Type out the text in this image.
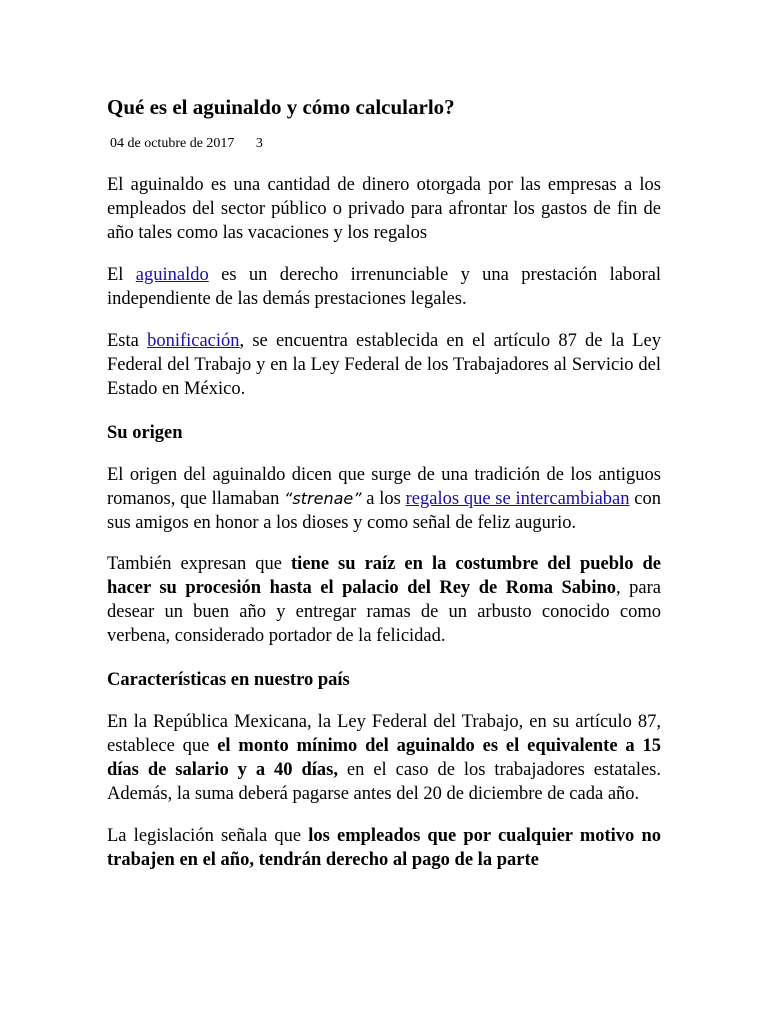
Qué es el aguinaldo y cómo calcularlo?
04 de octubre de 2017 3

El aguinaldo es una cantidad de dinero otorgada por las empresas a los empleados del sector público o privado para afrontar los gastos de fin de año tales como las vacaciones y los regalos

El aguinaldo es un derecho irrenunciable y una prestación laboral independiente de las demás prestaciones legales.

Esta bonificación, se encuentra establecida en el artículo 87 de la Ley Federal del Trabajo y en la Ley Federal de los Trabajadores al Servicio del Estado en México.

Su origen

El origen del aguinaldo dicen que surge de una tradición de los antiguos romanos, que llamaban “strenae” a los regalos que se intercambiaban con sus amigos en honor a los dioses y como señal de feliz augurio.

También expresan que tiene su raíz en la costumbre del pueblo de hacer su procesión hasta el palacio del Rey de Roma Sabino, para desear un buen año y entregar ramas de un arbusto conocido como verbena, considerado portador de la felicidad.

Características en nuestro país

En la República Mexicana, la Ley Federal del Trabajo, en su artículo 87, establece que el monto mínimo del aguinaldo es el equivalente a 15 días de salario y a 40 días, en el caso de los trabajadores estatales. Además, la suma deberá pagarse antes del 20 de diciembre de cada año.

La legislación señala que los empleados que por cualquier motivo no trabajen en el año, tendrán derecho al pago de la parte
